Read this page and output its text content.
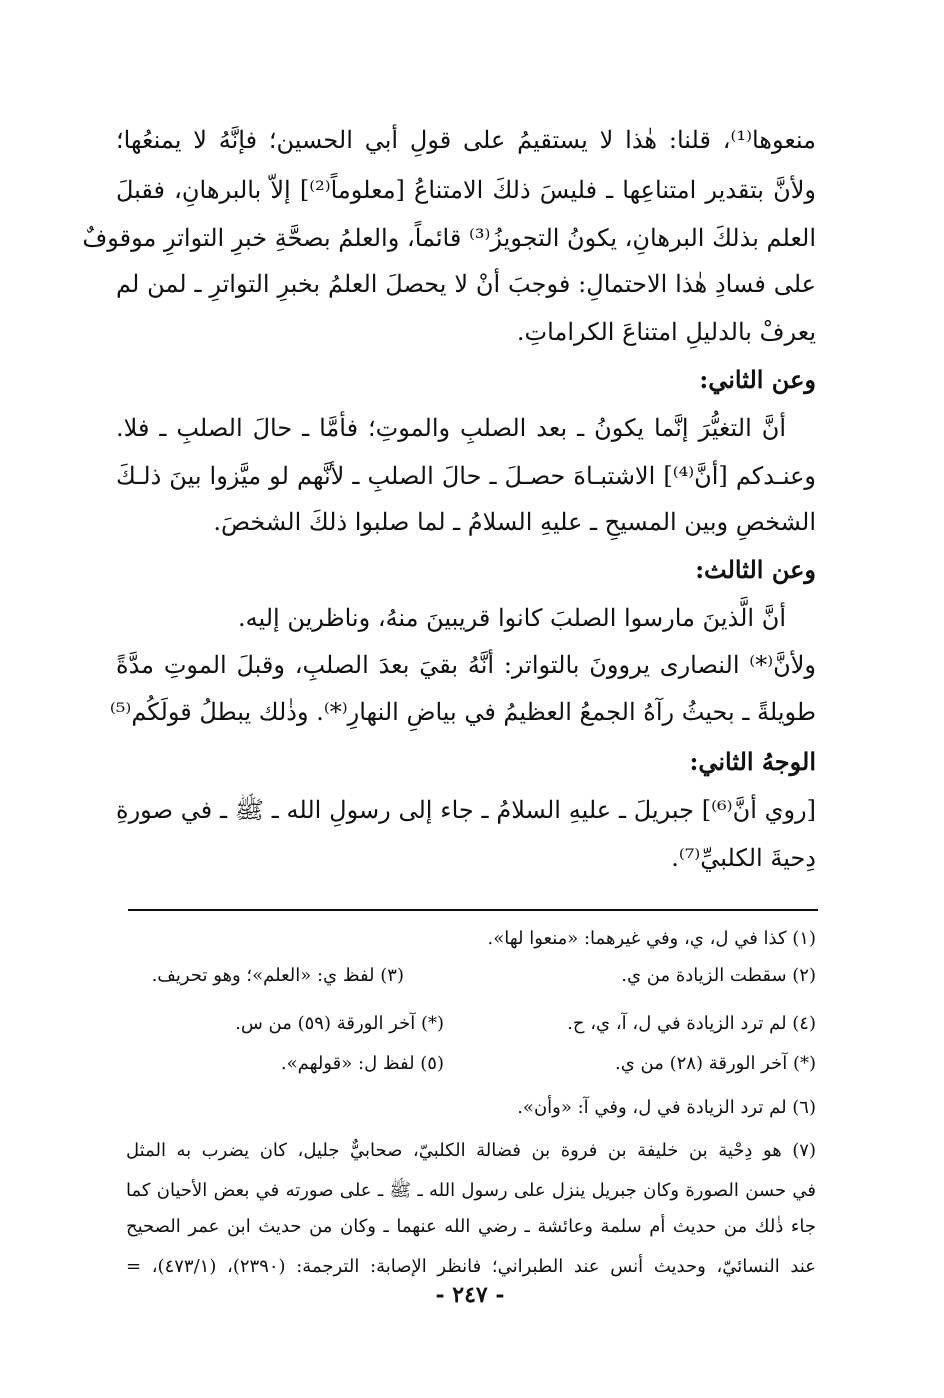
منعوها⁽¹⁾، قلنا: هٰذا لا يستقيمُ على قولِ أبي الحسين؛ فإنَّهُ لا يمنعُها؛

ولأنَّ بتقدير امتناعِها ـ فليسَ ذلكَ الامتناعُ [معلوماً⁽²⁾] إلاّ بالبرهانِ، فقبلَ

العلم بذلكَ البرهانِ، يكونُ التجويزُ⁽³⁾ قائماً، والعلمُ بصحَّةِ خبرِ التواترِ موقوفٌ

على فسادِ هٰذا الاحتمالِ: فوجبَ أنْ لا يحصلَ العلمُ بخبرِ التواترِ ـ لمن لم

يعرفْ بالدليلِ امتناعَ الكراماتِ.

وعن الثاني:

أنَّ التغيُّرَ إنَّما يكونُ ـ بعد الصلبِ والموتِ؛ فأمَّا ـ حالَ الصلبِ ـ فلا.

وعنـدكم [أنَّ⁽⁴⁾] الاشتبـاهَ حصـلَ ـ حالَ الصلبِ ـ لأنَّهم لو ميَّزوا بينَ ذلـكَ

الشخصِ وبين المسيحِ ـ عليهِ السلامُ ـ لما صلبوا ذلكَ الشخصَ.

وعن الثالث:

أنَّ الَّذينَ مارسوا الصلبَ كانوا قريبينَ منهُ، وناظرين إليه.

ولأنَّ⁽*⁾ النصارى يروونَ بالتواتر: أنَّهُ بقيَ بعدَ الصلبِ، وقبلَ الموتِ مدَّةً

طويلةً ـ بحيثُ رآهُ الجمعُ العظيمُ في بياضِ النهارِ⁽*⁾. وذٰلك يبطلُ قولَكُم⁽⁵⁾

الوجهُ الثاني:

[روي أنَّ⁽⁶⁾] جبريلَ ـ عليهِ السلامُ ـ جاء إلى رسولِ الله ـ ﷺ ـ في صورةِ

دِحيةَ الكلبيِّ⁽⁷⁾.

(١) كذا في ل، ي، وفي غيرهما: «منعوا لها».

(٢) سقطت الزيادة من ي.

(٣) لفظ ي: «العلم»؛ وهو تحريف.

(٤) لم ترد الزيادة في ل، آ، ي، ح.

(*) آخر الورقة (٥٩) من س.

(*) آخر الورقة (٢٨) من ي.

(٥) لفظ ل: «قولهم».

(٦) لم ترد الزيادة في ل، وفي آ: «وأن».

(٧) هو دِحْية بن خليفة بن فروة بن فضالة الكلبيّ، صحابيٌّ جليل، كان يضرب به المثل

في حسن الصورة وكان جبريل ينزل على رسول الله ـ ﷺ ـ على صورته في بعض الأحيان كما

جاء ذٰلك من حديث أم سلمة وعائشة ـ رضي الله عنهما ـ وكان من حديث ابن عمر الصحيح

عند النسائيّ، وحديث أنس عند الطبراني؛ فانظر الإصابة: الترجمة: (٢٣٩٠)، (٤٧٣/١)، =

- ٢٤٧ -
